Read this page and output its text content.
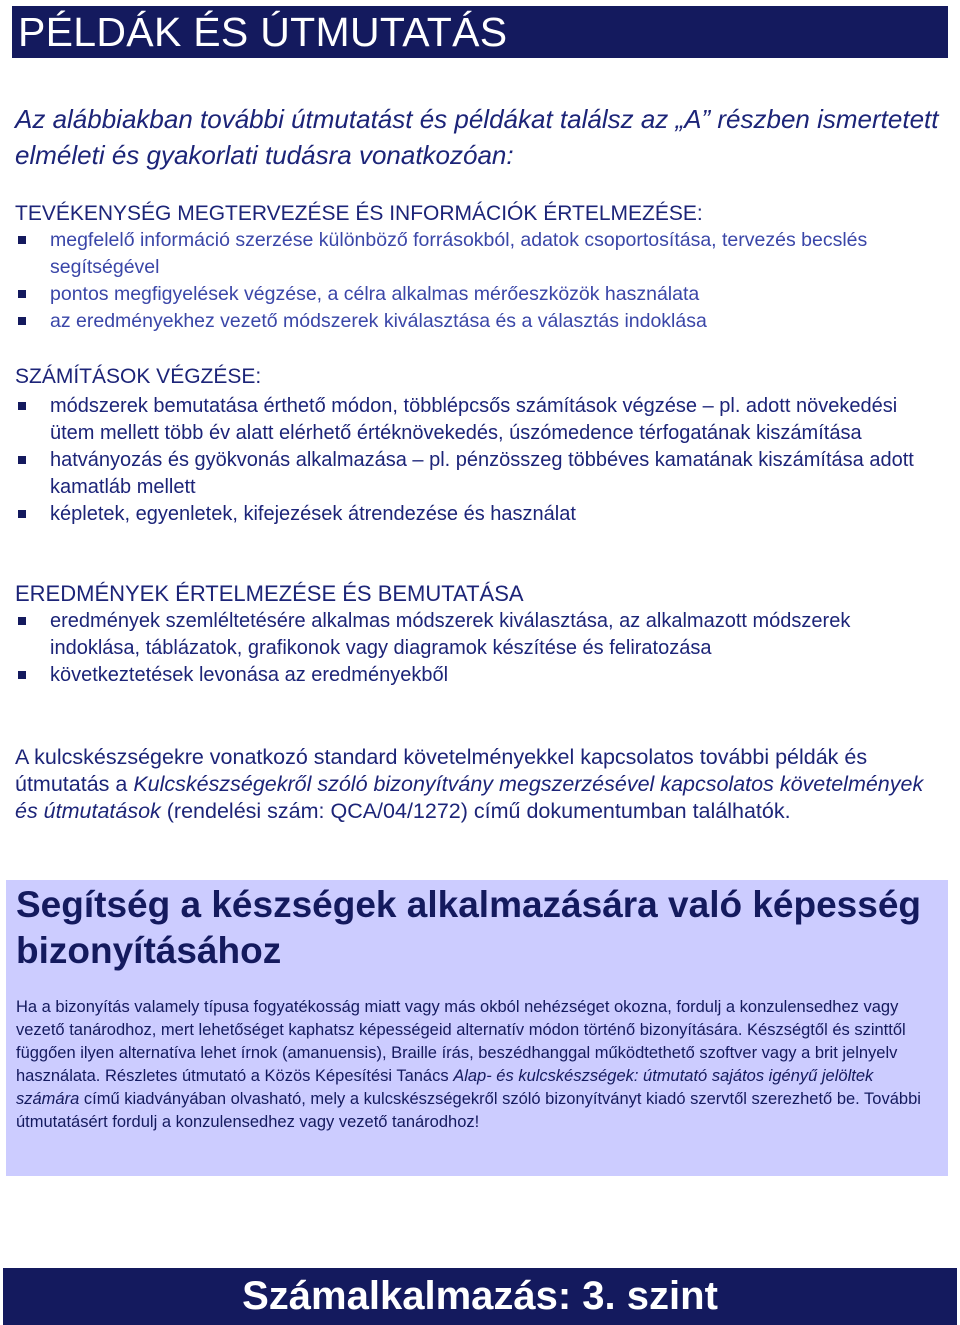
PÉLDÁK ÉS ÚTMUTATÁS
Az alábbiakban további útmutatást és példákat találsz az „A” részben ismertetett elméleti és gyakorlati tudásra vonatkozóan:
TEVÉKENYSÉG MEGTERVEZÉSE ÉS INFORMÁCIÓK ÉRTELMEZÉSE:
megfelelő információ szerzése különböző forrásokból, adatok csoportosítása, tervezés becslés segítségével
pontos megfigyelések végzése, a célra alkalmas mérőeszközök használata
az eredményekhez vezető módszerek kiválasztása és a választás indoklása
SZÁMÍTÁSOK VÉGZÉSE:
módszerek bemutatása érthető módon, többlépcsős számítások végzése – pl. adott növekedési ütem mellett több év alatt elérhető értéknövekedés, úszómedence térfogatának kiszámítása
hatványozás és gyökvonás alkalmazása – pl. pénzösszeg többéves kamatának kiszámítása adott kamatláb mellett
képletek, egyenletek, kifejezések átrendezése és használat
EREDMÉNYEK ÉRTELMEZÉSE ÉS BEMUTATÁSA
eredmények szemléltetésére alkalmas módszerek kiválasztása, az alkalmazott módszerek indoklása, táblázatok, grafikonok vagy diagramok készítése és feliratozása
következtetések levonása az eredményekből
A kulcskészségekre vonatkozó standard követelményekkel kapcsolatos további példák és útmutatás a Kulcskészségekről szóló bizonyítvány megszerzésével kapcsolatos követelmények és útmutatások (rendelési szám: QCA/04/1272) című dokumentumban találhatók.
Segítség a készségek alkalmazására való képesség bizonyításához
Ha a bizonyítás valamely típusa fogyatékosság miatt vagy más okból nehézséget okozna, fordulj a konzulensedhez vagy vezető tanárodhoz, mert lehetőséget kaphatsz képességeid alternatív módon történő bizonyítására. Készségtől és szinttől függően ilyen alternatíva lehet írnok (amanuensis), Braille írás, beszédhanggal működtethető szoftver vagy a brit jelnyelv használata. Részletes útmutató a Közös Képesítési Tanács Alap- és kulcskészségek: útmutató sajátos igényű jelöltek számára című kiadványában olvasható, mely a kulcskészségekről szóló bizonyítványt kiadó szervtől szerezhető be. További útmutatásért fordulj a konzulensedhez vagy vezető tanárodhoz!
Számalkalmazás: 3. szint
